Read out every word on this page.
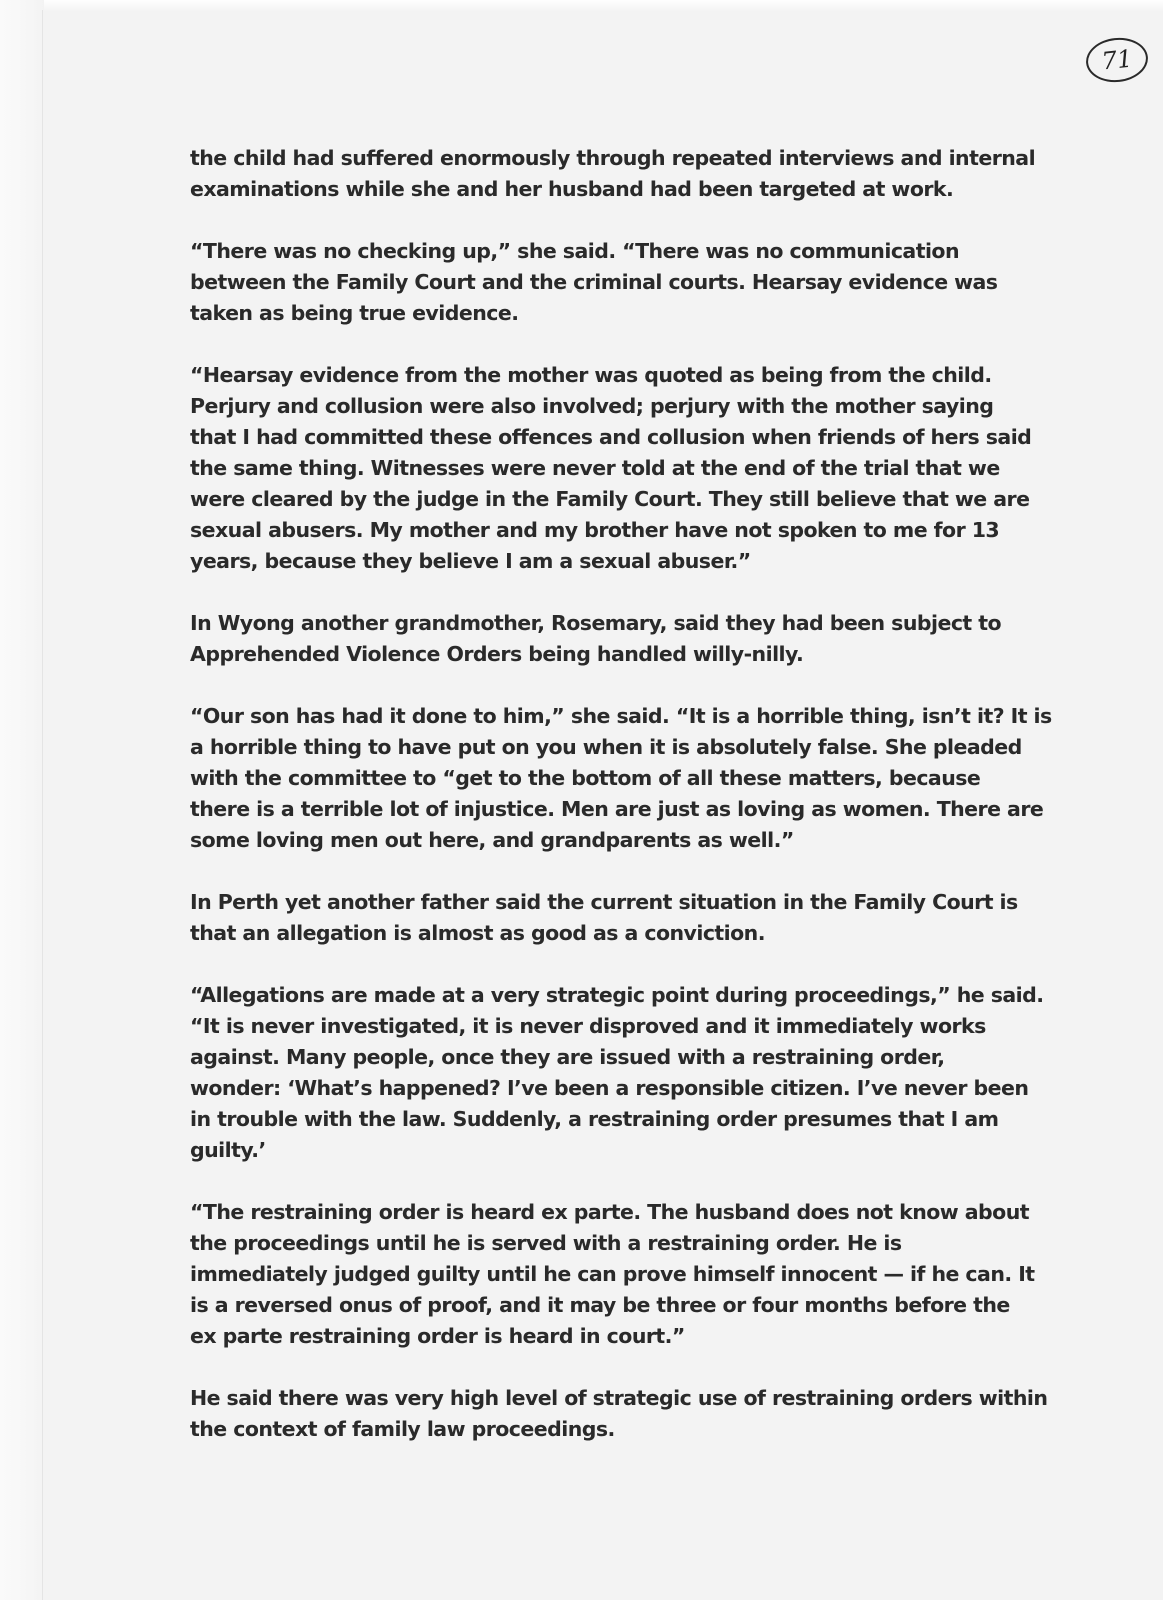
71

the child had suffered enormously through repeated interviews and internal
examinations while she and her husband had been targeted at work.

“There was no checking up,” she said. “There was no communication
between the Family Court and the criminal courts. Hearsay evidence was
taken as being true evidence.

“Hearsay evidence from the mother was quoted as being from the child.
Perjury and collusion were also involved; perjury with the mother saying
that I had committed these offences and collusion when friends of hers said
the same thing. Witnesses were never told at the end of the trial that we
were cleared by the judge in the Family Court. They still believe that we are
sexual abusers. My mother and my brother have not spoken to me for 13
years, because they believe I am a sexual abuser.”

In Wyong another grandmother, Rosemary, said they had been subject to
Apprehended Violence Orders being handled willy-nilly.

“Our son has had it done to him,” she said. “It is a horrible thing, isn’t it? It is
a horrible thing to have put on you when it is absolutely false. She pleaded
with the committee to “get to the bottom of all these matters, because
there is a terrible lot of injustice. Men are just as loving as women. There are
some loving men out here, and grandparents as well.”

In Perth yet another father said the current situation in the Family Court is
that an allegation is almost as good as a conviction.

“Allegations are made at a very strategic point during proceedings,” he said.
“It is never investigated, it is never disproved and it immediately works
against. Many people, once they are issued with a restraining order,
wonder: ‘What’s happened? I’ve been a responsible citizen. I’ve never been
in trouble with the law. Suddenly, a restraining order presumes that I am
guilty.’

“The restraining order is heard ex parte. The husband does not know about
the proceedings until he is served with a restraining order. He is
immediately judged guilty until he can prove himself innocent — if he can. It
is a reversed onus of proof, and it may be three or four months before the
ex parte restraining order is heard in court.”

He said there was very high level of strategic use of restraining orders within
the context of family law proceedings.
